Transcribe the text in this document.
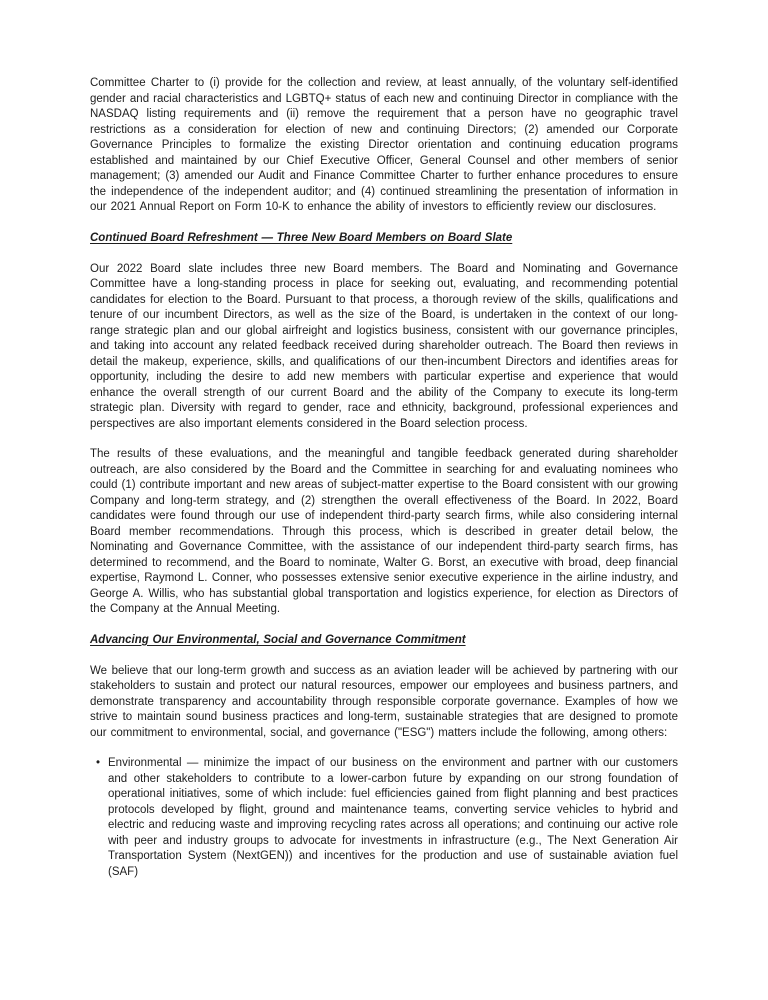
Committee Charter to (i) provide for the collection and review, at least annually, of the voluntary self-identified gender and racial characteristics and LGBTQ+ status of each new and continuing Director in compliance with the NASDAQ listing requirements and (ii) remove the requirement that a person have no geographic travel restrictions as a consideration for election of new and continuing Directors; (2) amended our Corporate Governance Principles to formalize the existing Director orientation and continuing education programs established and maintained by our Chief Executive Officer, General Counsel and other members of senior management; (3) amended our Audit and Finance Committee Charter to further enhance procedures to ensure the independence of the independent auditor; and (4) continued streamlining the presentation of information in our 2021 Annual Report on Form 10-K to enhance the ability of investors to efficiently review our disclosures.

Continued Board Refreshment — Three New Board Members on Board Slate

Our 2022 Board slate includes three new Board members. The Board and Nominating and Governance Committee have a long-standing process in place for seeking out, evaluating, and recommending potential candidates for election to the Board. Pursuant to that process, a thorough review of the skills, qualifications and tenure of our incumbent Directors, as well as the size of the Board, is undertaken in the context of our long-range strategic plan and our global airfreight and logistics business, consistent with our governance principles, and taking into account any related feedback received during shareholder outreach. The Board then reviews in detail the makeup, experience, skills, and qualifications of our then-incumbent Directors and identifies areas for opportunity, including the desire to add new members with particular expertise and experience that would enhance the overall strength of our current Board and the ability of the Company to execute its long-term strategic plan. Diversity with regard to gender, race and ethnicity, background, professional experiences and perspectives are also important elements considered in the Board selection process.

The results of these evaluations, and the meaningful and tangible feedback generated during shareholder outreach, are also considered by the Board and the Committee in searching for and evaluating nominees who could (1) contribute important and new areas of subject-matter expertise to the Board consistent with our growing Company and long-term strategy, and (2) strengthen the overall effectiveness of the Board. In 2022, Board candidates were found through our use of independent third-party search firms, while also considering internal Board member recommendations. Through this process, which is described in greater detail below, the Nominating and Governance Committee, with the assistance of our independent third-party search firms, has determined to recommend, and the Board to nominate, Walter G. Borst, an executive with broad, deep financial expertise, Raymond L. Conner, who possesses extensive senior executive experience in the airline industry, and George A. Willis, who has substantial global transportation and logistics experience, for election as Directors of the Company at the Annual Meeting.

Advancing Our Environmental, Social and Governance Commitment

We believe that our long-term growth and success as an aviation leader will be achieved by partnering with our stakeholders to sustain and protect our natural resources, empower our employees and business partners, and demonstrate transparency and accountability through responsible corporate governance. Examples of how we strive to maintain sound business practices and long-term, sustainable strategies that are designed to promote our commitment to environmental, social, and governance ("ESG") matters include the following, among others:

• Environmental — minimize the impact of our business on the environment and partner with our customers and other stakeholders to contribute to a lower-carbon future by expanding on our strong foundation of operational initiatives, some of which include: fuel efficiencies gained from flight planning and best practices protocols developed by flight, ground and maintenance teams, converting service vehicles to hybrid and electric and reducing waste and improving recycling rates across all operations; and continuing our active role with peer and industry groups to advocate for investments in infrastructure (e.g., The Next Generation Air Transportation System (NextGEN)) and incentives for the production and use of sustainable aviation fuel (SAF)
